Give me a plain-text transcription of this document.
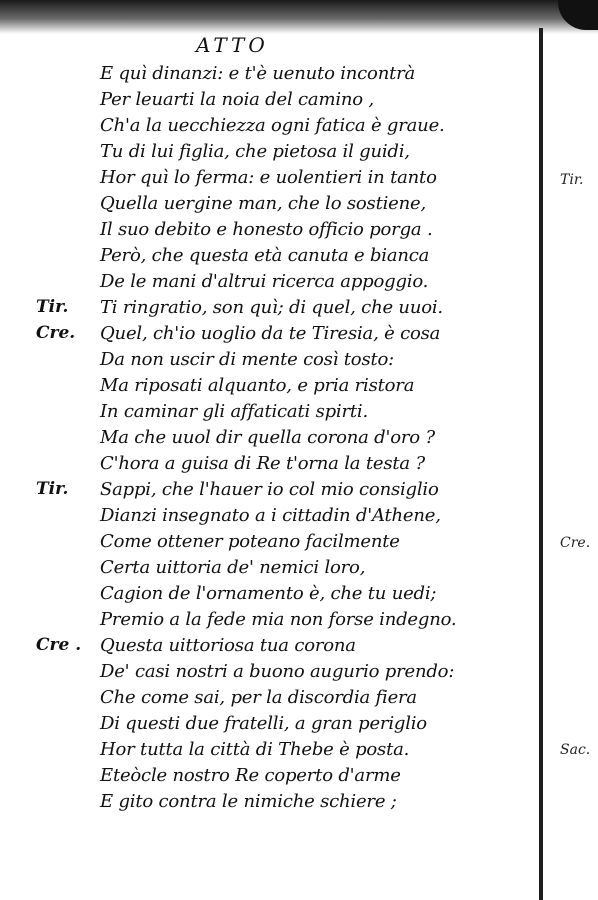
ATTO
E quì dinanzi: e t'è uenuto incontrà
Per leuarti la noia del camino ,
Ch'a la uecchiezza ogni fatica è graue.
Tu di lui figlia, che pietosa il guidi,
Hor quì lo ferma: e uolentieri in tanto
Quella uergine man, che lo sostiene,
Il suo debito e honesto officio porga .
Però, che questa età canuta e bianca
De le mani d'altrui ricerca appoggio.
Tir. Ti ringratio, son quì; di quel, che uuoi.
Cre. Quel, ch'io uoglio da te Tiresia, è cosa
Da non uscir di mente così tosto:
Ma riposati alquanto, e pria ristora
In caminar gli affaticati spirti.
Ma che uuol dir quella corona d'oro ?
C'hora a guisa di Re t'orna la testa ?
Tir. Sappi, che l'hauer io col mio consiglio
Dianzi insegnato a i cittadin d'Athene,
Come ottener poteano facilmente
Certa uittoria de' nemici loro,
Cagion de l'ornamento è, che tu uedi;
Premio a la fede mia non forse indegno.
Cre . Questa uittoriosa tua corona
De' casi nostri a buono augurio prendo:
Che come sai, per la discordia fiera
Di questi due fratelli, a gran periglio
Hor tutta la città di Thebe è posta.
Eteòcle nostro Re coperto d'arme
E gito contra le nimiche schiere ;
Tir.
Cre.
Sac.
